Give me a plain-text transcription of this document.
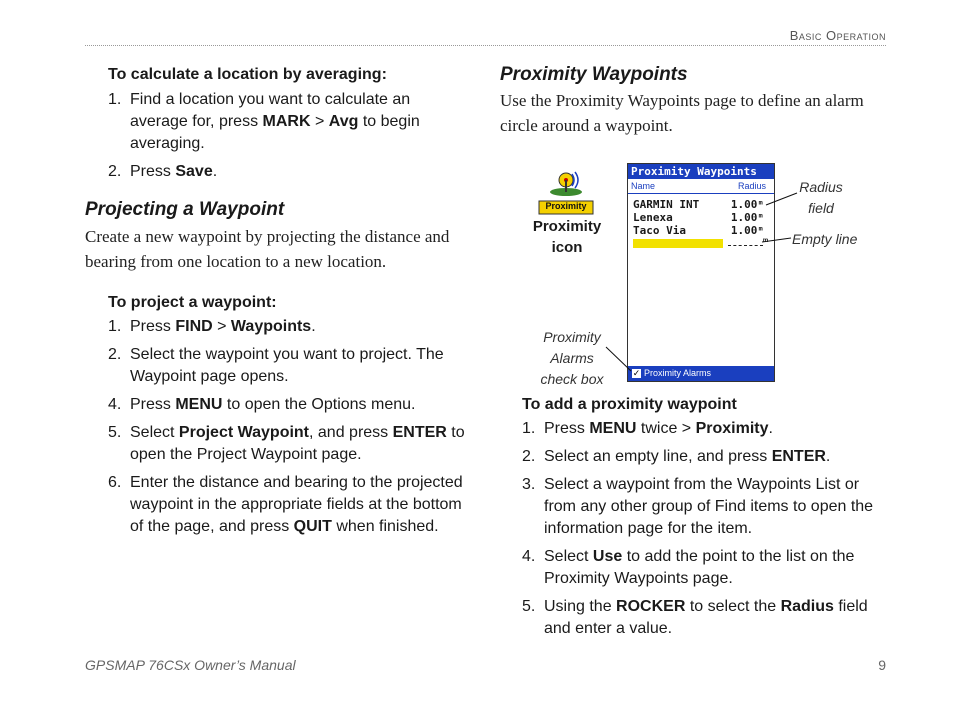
Basic Operation
To calculate a location by averaging:
1. Find a location you want to calculate an average for, press MARK > Avg to begin averaging.
2. Press Save.
Projecting a Waypoint
Create a new waypoint by projecting the distance and bearing from one location to a new location.
To project a waypoint:
1. Press FIND > Waypoints.
2. Select the waypoint you want to project. The Waypoint page opens.
4. Press MENU to open the Options menu.
5. Select Project Waypoint, and press ENTER to open the Project Waypoint page.
6. Enter the distance and bearing to the projected waypoint in the appropriate fields at the bottom of the page, and press QUIT when finished.
Proximity Waypoints
Use the Proximity Waypoints page to define an alarm circle around a waypoint.
Proximity
Proximity
icon
Proximity Waypoints
Name	Radius
GARMIN INT	1.00ᵐ
Lenexa	1.00ᵐ
Taco Via	1.00ᵐ
ᵐ
✓ Proximity Alarms
Radius
field
Empty line
Proximity
Alarms
check box
To add a proximity waypoint
1. Press MENU twice > Proximity.
2. Select an empty line, and press ENTER.
3. Select a waypoint from the Waypoints List or from any other group of Find items to open the information page for the item.
4. Select Use to add the point to the list on the Proximity Waypoints page.
5. Using the ROCKER to select the Radius field and enter a value.
GPSMAP 76CSx Owner’s Manual	9
